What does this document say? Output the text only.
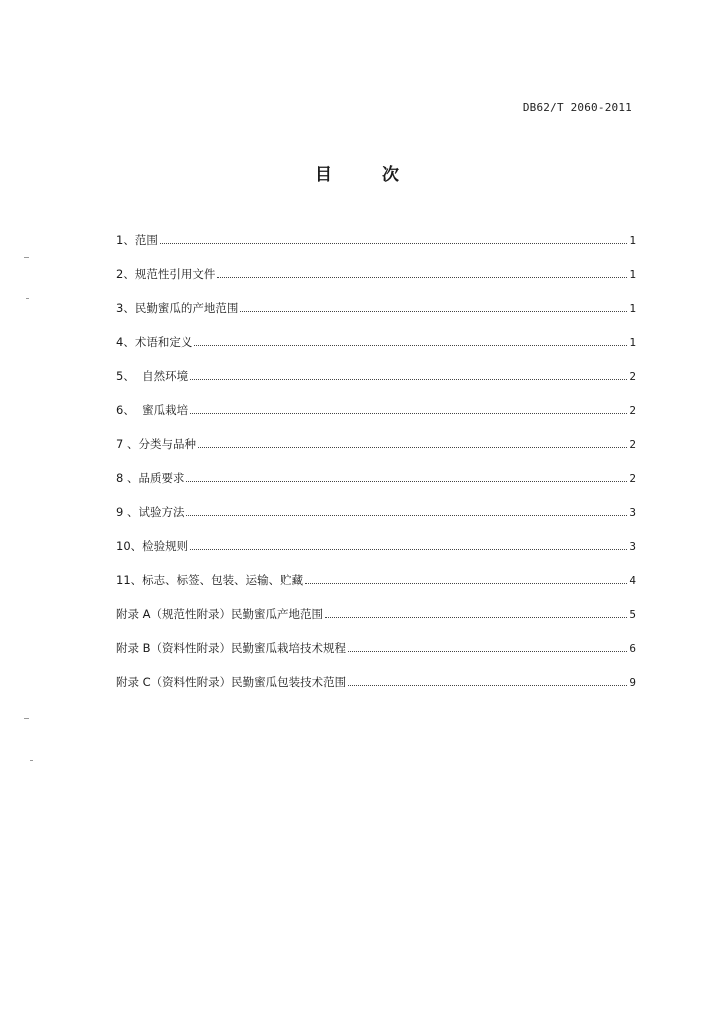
DB62/T 2060-2011
目 次
1、范围	1
2、规范性引用文件	1
3、民勤蜜瓜的产地范围	1
4、术语和定义	1
5、  自然环境	2
6、  蜜瓜栽培	2
7 、分类与品种	2
8 、品质要求	2
9 、试验方法	3
10、检验规则	3
11、标志、标签、包装、运输、贮藏	4
附录 A（规范性附录）民勤蜜瓜产地范围	5
附录 B（资料性附录）民勤蜜瓜栽培技术规程	6
附录 C（资料性附录）民勤蜜瓜包装技术范围	9
